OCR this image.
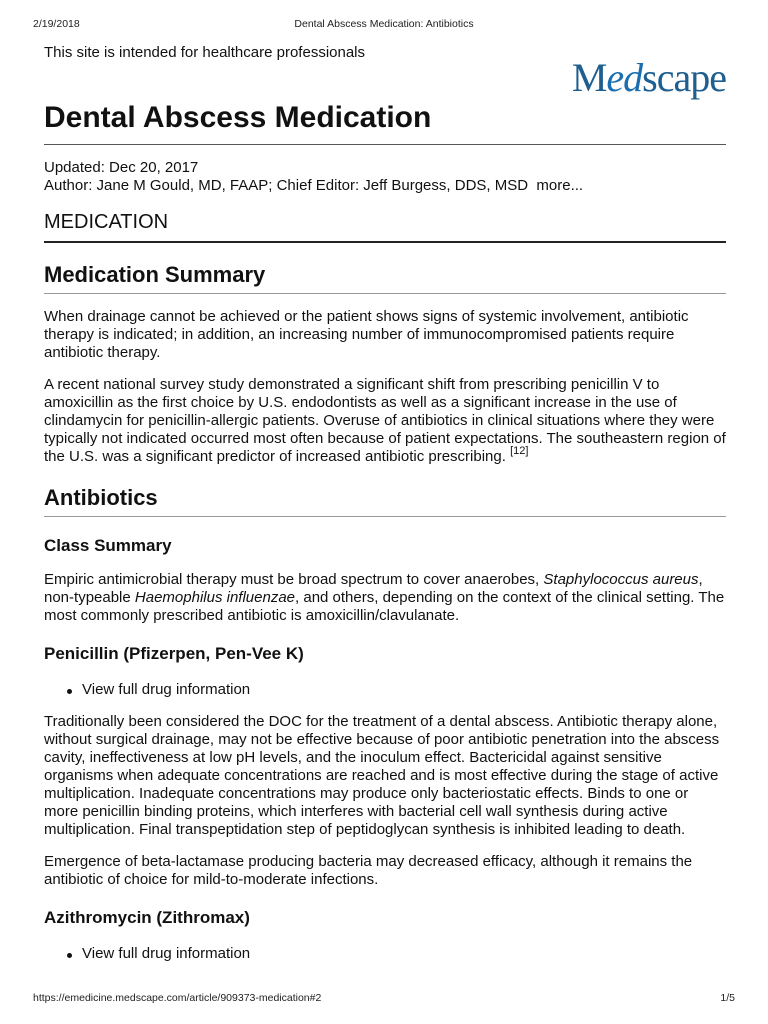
2/19/2018	Dental Abscess Medication: Antibiotics

This site is intended for healthcare professionals

Medscape
Dental Abscess Medication
Updated: Dec 20, 2017
Author: Jane M Gould, MD, FAAP; Chief Editor: Jeff Burgess, DDS, MSD more...
MEDICATION
Medication Summary

When drainage cannot be achieved or the patient shows signs of systemic involvement, antibiotic therapy is indicated; in addition, an increasing number of immunocompromised patients require antibiotic therapy.

A recent national survey study demonstrated a significant shift from prescribing penicillin V to amoxicillin as the first choice by U.S. endodontists as well as a significant increase in the use of clindamycin for penicillin-allergic patients. Overuse of antibiotics in clinical situations where they were typically not indicated occurred most often because of patient expectations. The southeastern region of the U.S. was a significant predictor of increased antibiotic prescribing. [12]

Antibiotics
Class Summary

Empiric antimicrobial therapy must be broad spectrum to cover anaerobes, Staphylococcus aureus, non-typeable Haemophilus influenzae, and others, depending on the context of the clinical setting. The most commonly prescribed antibiotic is amoxicillin/clavulanate.

Penicillin (Pfizerpen, Pen-Vee K)
View full drug information

Traditionally been considered the DOC for the treatment of a dental abscess. Antibiotic therapy alone, without surgical drainage, may not be effective because of poor antibiotic penetration into the abscess cavity, ineffectiveness at low pH levels, and the inoculum effect. Bactericidal against sensitive organisms when adequate concentrations are reached and is most effective during the stage of active multiplication. Inadequate concentrations may produce only bacteriostatic effects. Binds to one or more penicillin binding proteins, which interferes with bacterial cell wall synthesis during active multiplication. Final transpeptidation step of peptidoglycan synthesis is inhibited leading to death.

Emergence of beta-lactamase producing bacteria may decreased efficacy, although it remains the antibiotic of choice for mild-to-moderate infections.

Azithromycin (Zithromax)
View full drug information
https://emedicine.medscape.com/article/909373-medication#2	1/5
